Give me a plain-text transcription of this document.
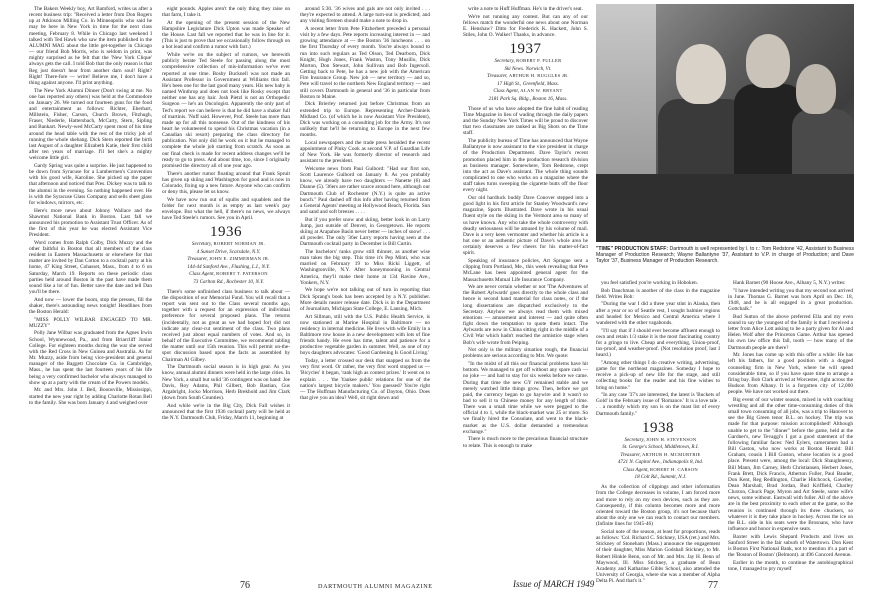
The Bakers Weekly boy, Art Bamford, writes us after a recent business trip: "Received a letter from Don Rogers up at Atkinson Milling Co. in Minneapolis who said he may be here in New York in time for the next class meeting, February 8. While in Chicago last weekend I talked with Ted Hawk who saw the item published in the ALUMNI MAG about the little get-together in Chicago — our friend Bob Morris, who is seldom in print, was mighty surprised as he felt that the 'New York Clique' always gets the call. I told Bob that the only reason is that Reg just doesn't hear from another darn soul! Right? Right! There-fore — write! Believe me, I don't have a thing against anyone. I'll print anything.

The New York Alumni Dinner (Don't swing at me. No one has reported any others) was held at the Commodore on January 26. We turned out fourteen guns for the food and entertainment as follows: Richter, Eberhart, Millstein, Fisher, Carson, Church Brown, Fitzhugh, Fraser, Niederle, Hattersbach, McCarty, Stern, Sipling and Bankart. Newly-wed McCarty spent most of his time around the head table with the rest of the tricky job of running the whole shebang. Dick Stern reported the birth last August of a daughter Elizabeth Katie, their first child after ten years of marriage. I'll bet she's a mighty welcome little girl.

Gardy Spring was quite a surprise. He just happened to be down from Syracuse for a Lumbermen's Convention with his good wife, Karoline. She picked up the paper that afternoon and noticed that Pres. Dickey was to talk to the alumni in the evening. So nothing happened over. He is with the Syracuse Glass Company and sells sheet glass for windows, mirrors, etc.

Here's more news about Johnny Wallace and the Shawmut National Bank in Boston. Last fall we announced his promotion to Assistant Trust Officer. As of the first of this year he was elected Assistant Vice President.

Word comes from Ralph Colby, Dick Muzzy and the other faithful in Boston that all members of the class resident in Eastern Massachusetts or elsewhere for that matter are invited by Dan Cotton to a cocktail party at his home, 47 King Street, Cohasset, Mass., from 4 to 6 on Saturday, March 19. Reports on these periodic class parties held around Boston in the past have made them sound like a lot of fun. Better save the date and tell Dan you'll be there.

And now — lower the boom, stop the presses, fill the shaker, there's astounding news tonight! Headlines from the Boston Herald:

"MISS POLLY WILBAR ENGAGED TO MR. MUZZY"

Polly Jane Wilbar was graduated from the Agnes Irwin School, Wynnewood, Pa., and from Briarcliff Junior College. For eighteen months during the war she served with the Red Cross in New Guinea and Australia. As for Mr. Muzzy, aside from being vice-president and general manager of the Baggett Chocolate Co. in Cambridge, Mass., he has spent the last fourteen years of his life being a very confirmed bachelor who always managed to show up at a party with the cream of the Powers models.

Mr. and Mrs. John J. Bell, Boonsville, Mississippi, started the new year right by adding Charlotte Rotan Bell to the family. She was born January 4 and weighed over

eight pounds. Apples aren't the only thing they raise on that farm, I take it.

At the opening of the present session of the New Hampshire Legislature Dick Upton was made Speaker of the House. Last fall we reported that he was in line for it. (This is just to prove that we occasionally follow through on a hot lead and confirm a rumor with fact.)

While we're on the subject of rumors, we herewith publicly berate Ted Steele for passing along the most comprehensive collection of mis-information we've ever reported at one time. Bosby Bucknell was not made an Assistant Professor in Government at Williams this fall. He's been one for the last good many years. His new baby is named Winthrop and does not look like Rosky except that neither one has any hair. Josh Pietzl is not an Orthopedic Surgeon — he's an Oncologist. Apparently the only part of Ted's report we can believe is that he did have a shaker full of martinis. 'Nuff said. However, Prof. Steele has more than made up for all this nonsense. Out of the kindness of his heart he volunteered to spend his Christmas vacation (in a Canadian ski resort) preparing the class directory for publication. Not only did he work on it but he managed to complete the whole job starting from scratch. As soon as our final check is made for recent address changes we'll be ready to go to press. And about time, too, since I originally promised the directory all of one year ago.

There's another rumor floating around that Frank Spruit has given up skiing and Washington for good and is now in Colorado, fixing up a new future. Anyone who can confirm or deny this, please let us know.

We have now run out of squibs and squablets and the folder for next month is as empty as last week's pay envelope. But what the hell, if there's no news, we always have Ted Steele's rumors. See you in April.

1936

Secretary, ROBERT NORMAN JR.

4 Sunset Drive, Scarsdale, N.Y.

Treasurer, JOHN E. ZIMMERMAN JR.

144-44 Sanford Ave., Flushing, L.I., N.Y.

Class Agent, ROBERT T. PATERSON

73 Carlton Rd., Rochester 10, N.Y.

There's some unfinished class business to talk about — the disposition of our Memorial Fund. You will recall that a report was sent out to the Class several months ago, together with a request for an expression of individual preference for several proposed plans. The returns (incidentally, not as great as we had hoped for) did not indicate any clear-cut sentiment of the class. Two plans received just about equal numbers of votes. And so, in behalf of the Executive Committee, we recommend tabling the matter until our 15th reunion. This will permit on-the-spot discussion based upon the facts as assembled by Chairman Al Gilbey.

The Dartmouth social season is in high gear. As you know, annual alumni dinners were held in the large cities. In New York, a small but solid '36 contingent was on hand: Joe Davis, Roy Adams, Phil Gilbert, Bob Bastian, Gus Argabright, Jocko Morrison, Herb Brekhold and Jim Clark (down from South Counties).

And while we're in the Big City, Dick Fall wishes it announced that the first 1936 cocktail party will be held at the N.Y. Dartmouth Club, Friday, March 11, beginning at

around 5:30. '36 wives and gals are not only invited . . . they're expected to attend. A large turn-out is predicted; and any visiting firemen should make a note to drop in.

A recent letter from Pete Fitzherbert preceded a personal visit by a few days. Pete reports increasing interest in — and growing attendance at — the Boston '36 luncheons . . . on the first Thursday of every month. You're always bound to run into such regulars as Ted Olson, Ted Dearborn, Dick Knight, Hugh Jones, Frank Waston, Tony Musillo, Dick Morton, Don Stewart, John Sullivan and Bob Ingersoll. Getting back to Pete, he has a new job with the American Fire Insurance Group. New job — new territory — and so, Pete will travel to the northern New England territory — and still covers Dartmouth in general and '36 in particular from Boston to Maine.

Dick Brierley returned just before Christmas from an extended trip to Europe. Representing Archer-Daniels Midland Co. (of which he is now Assistant Vice President), Dick was working on a consulting job for the Army. It's not unlikely that he'll be returning to Europe in the next few months.

Local newspapers and the trade press heralded the recent appointment of Pinky Cook as second V.P. of Guardian Life of New York. He was formerly director of research and assistant to the president.

Welcome news from Paul Guibord: "Had our first son, Scott Laurence Guibord on January 8. As you probably know, we already have two daughters — Nanette (6) and Dianne (5). '36ers are rather scarce around here, although our Dartmouth Club of Rochester (N.Y.) is quite an active bunch." Paul dashed off this info after having returned from a General Agents' meeting at Hollywood Beach, Florida. Sun and sand and soft breezes . . . .

But if you prefer snow and skiing, better look in on Larry Jump, just outside of Denver, in Georgetown. He reports skiing at Arapahoe Basin never better — inches of snow! . . . all powder. The only '36er Larry reports having seen at the Dartmouth cocktail party in December is Bill Curtin.

The bachelors' ranks grow still thinner, as another wise man takes the big step. This time it's Pep Minti, who was married on February 19 to Miss Ricki Liggett, of Washingtonville, N.Y. After honeymooning in Central America, they'll make their home at 134 Ravine Ave., Yonkers, N.Y.

We hope we're not talking out of turn in reporting that Dick Sprang's book has been accepted by a N.Y. publisher. More details nearer release date. Dick is in the Department of Journalism, Michigan State College, E. Lansing, Mich.

Art Sillman, still with the U.S. Public Health Service, is now stationed at Marine Hospital in Baltimore — no residency in internal medicine. He lives with wife Emily in a Baltimore row house in a new development with lots of fine friends handy. He even has time, talent and patience for a productive vegetable garden in summer. Well, as one of my boys daughters advocates: 'Good Gardening Is Good Living.'

Today, a letter crossed our desk that snapped us from the very first word. Or rather, the very first word stopped us — 'Bicycles' it began, 'rank high as contest prizes.' It went on to explain . . . 'the Yankee public relations for one of the nation's largest bicycle makers.' You guessed? You're right — The Huffman Manufacturing Co. of Dayton, Ohio. Does that give you an idea? Well, sit right down and

write a note to Huff Huffman. He's in the driver's seat.

We're not running any contest. But can any of our fellows match the wonderful one news about one Norman E. Henshaw? Ditto for Frederick K. Hackett, John S. Stiles, John O. Walker! Thanks, in advance.

1937

Secretary, ROBERT P. FULLER

Ski News. Norwich, Vt.

Treasurer, ARTHUR H. RUGGLES JR.

17 High St., Greenfield, Mass.

Class Agent, ALAN W. BRYANT

2181 Park Sq. Bldg., Boston 16, Mass.

Those of us who have adopted the fine habit of reading Time Magazine in lieu of wading through the daily papers and the Sunday New York Times will be proud to discover that two classmates are ranked as Big Shots on the Time staff.

The publicity bureau of Time has announced that Wayne Ballantyne is now assistant to the vice president in charge of the Production Department. Dave Taylor's recent promotion placed him in the production research division as business manager. Somewhere, Tom Redstone, crept into the act as Dave's assistant. The whole thing sounds complicated to one who works on a magazine where the staff takes turns sweeping the cigarette butts off the floor every night.

Our old hardluck buddy Dave Conover stepped into a good light in his first article for Stanley Woodward's new magazine, Sports Illustrated. Dave wrote in his usual fluent style on the skiing in the Vermont area so many of us have known. Any who take the whole controversy with deadly seriousness will be amused by his volume of mail. Dave is a very keen vermonter and whether his article is a hot one or an authentic picture of Dave's whole area he certainly deserves a few cheers for his matter-of-fact spirit.

Speaking of insurance policies, Art Sprague sent a clipping from Portland, Me., this week revealing that Pete McLane has been appointed general agent for the Massachusetts Mutual Life Insurance Company.

We are never certain whether or not 'The Adventures of the Robert Aylwards' goes directly to the whole class and hence is second hand material for class notes, or if the long dissertations are dispatched exclusively to the Secretary. Anyhow we always read them with mixed emotions — amusement and interest — and quite often fight down the temptation to quote them intact. The Aylwards are now in China sitting right in the middle of a Civil War which hadn't reached the armistice stage when Bob's wife wrote from Peiping.

Not only is the military situation rough, the financial problems are serious according to Mrs. We quote:

"In the midst of all this our financial problems have hit bottom. We managed to get off without any spare cash — no joke — and had to stay for six weeks before we came. During that time the new GY remained stable and we merely watched little things grow. Then, before we got paid, the currency began to go haywire and it wasn't so bad to sell it to Chinese money for any length of time. There was a small time while we were pegged to the official 4 to 1, while the black-market was 25 or more. So we finally hired the Consulate, and went to the black-market as the U.S. dollar demanded a tremendous exchange."

There is much more to the precarious financial structure to relate. This is enough to make

"TIME" PRODUCTION STAFF: Dartmouth is well represented by l. to r.: Tom Redstone '42, Assistant to Business Manager of Production Research; Wayne Ballantyne '37, Assistant to V.P. in charge of Production; and Dave Taylor '37, Business Manager of Production Research.

you feel satisfied you're working in Hoboken.

Bob Dauchman is another of the class in the magazine field. Writes Bob:

"During the war I did a three year stint in Alaska, then after a year or so of Seattle rest, I sought balmier regions and headed for Mexico and Central America where I wandered with the other vagabonds.

"I'll say that if I should ever become affluent enough to own and retain 1/3 stake it is the most fascinating country for a gringo to live. Cheap and everything, Union-proof, tax-proof, and weather-proof. (Not resolution proof, last I heard.)

"Among other things I do creative writing, advertising, game for the northeast magazines. Someday I hope to receive a pick-up of new life for the stage, and still collecting books for the reader and his fine wishes to bring on home."

"In any case '37's are interested, the latest is 'Buckets of Gold' in the February issue of 'Romance.' It is a love tale . . . a monthly which my son is on the mast list of every Dartmouth family."

1938

Secretary, JOHN H. STEVENSON

St. George's School, Middletown, R.I.

Treasurer, ARTHUR H. MCMURTRIE

4721 N. Capitol Ave., Indianapolis 8, Ind.

Class Agent, ROBERT H. CARSON

18 Colt Rd., Summit, N.J.

As the collection of clippings and other information from the College decreases in volume, I am forced more and more to rely on my own devices, such as they are. Consequently, if this column becomes more and more oriented toward the Boston group, it's not because that's about the only one we can reach to contact our members. (Infinite lines for 1945-46)

Social note of the season, at least for proportions, reads as follows: 'Col. Richard C. Stickney, USA (ret.) and Mrs. Stickney of Stoneham (Mass.) announce the engagement of their daughter, Miss Marion Godshall Stickney, to Mr. Robert Hinkle Benn, son of Mr. and Mrs. Jay H. Benn of Maywood, Ill. Miss Stickney, a graduate of Bean Academy and Katharine Gibbs School, also attended the University of Georgia, where she was a member of Alpha Delta Pi. And that's it."

Hank Barnet (90 Hoose Ave., Albany 5, N.Y.) writes:

"I have intended writing you that my second son arrived in June. Thomas G. Barnet was born April on Dec. 18, 1948, and he is all engaged in a great production. Gottchalk."

Bud Sutton of the above preferred Ella and my even sound to say the youngest of the family is that I received a letter from Alice Lott asking to be a party given for Al and Helen Wolf after the Princeton Game. Arthur has opened his own law office this fall, tooth — how many of the Dartmouth people are there?

Mr. Jones has come up with this offer a while: He has left his fathers, for a good position with a dogged counseling firm in New York, where he will spend considerable time, so if you have spare time to arrange a firing bay. Bob Clark arrived at Worcester, right across the Hudson from Albany. It is a forgotten city of 12,000 people. We have not worked out there.

Big event of our winter season, mixed in with coaching wrestling and all the other time-consuming duties of this small town consuming of all jobs, was a trip to Hanover to see the Big Green tenor B.L. on hockey. The trip was made for that purpose: mission accomplished! Although unable to get to the "dinner" before the game, held at the Gardner's, new Tevaggi's I got a good statement of the following familiar faces: Ned Eylers, cameramen had a Bill Gaston, who now works at Boston Herald: Bill Graham, cousin I Bill Guston, whose location is a good place. Present were, among the local: Dick Shaughnessy, Bill Mann, Jim Carney, Herb Christiansen, Herbert Jones, Frank Brett, Dick Francis, Atherton Fuller, Paul Bauder, Don Kent, Reg Redlington, Charlie Hitchcock, Gaveller, Dean Marshall, Brad Jordan, Bud Kriffield, Charley Cluxton, Chuck Page, Myron and Art Steele, some wife's news, some without. Eastwall with fuller. All of the above are in the best proximity to each other at the game, so the reunion is continued through its three chuckers, so whatever it is they take place in hockey. Across the ice on the B.L. side in his seats were the Brosnans, who have influence and honor in expensive seats.

Baxter with Lewis Shepard Products and lives on Sanford Street in the fair suburb of Watertown. Don Kent is Boston First National Bank, not to mention it's a part of the 'Boston of Boston' (Belmont). at 496 Concord Avenue.

Earlier in the month, to continue the autobiographical tone, I managed to pry myself

76	DARTMOUTH ALUMNI MAGAZINE	Issue of MARCH 1949	77
